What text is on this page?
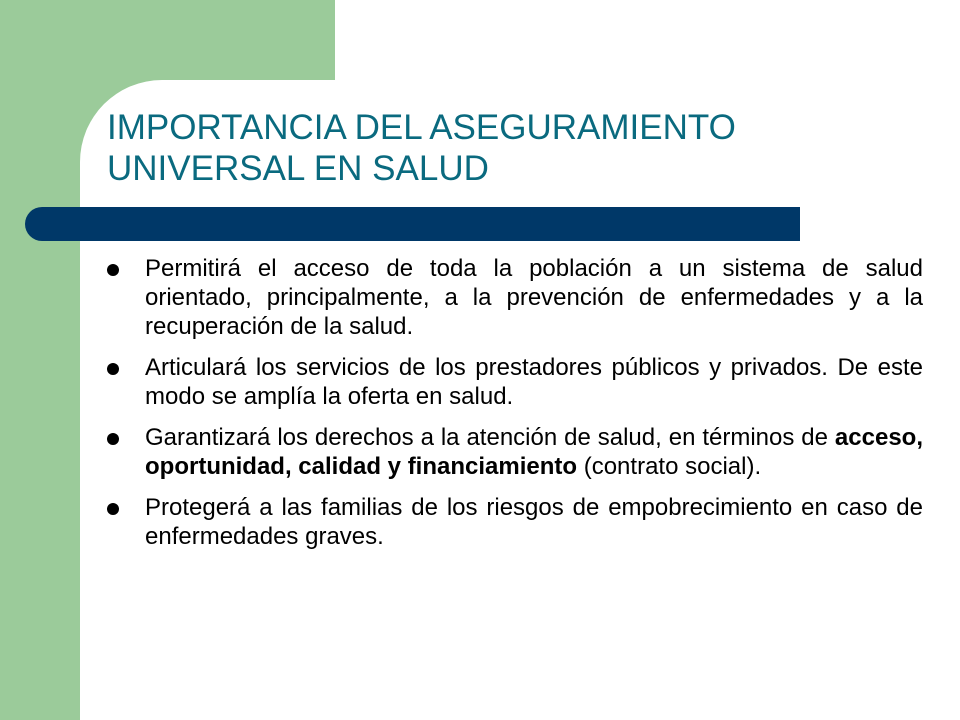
IMPORTANCIA DEL ASEGURAMIENTO
UNIVERSAL EN SALUD
Permitirá el acceso de toda la población a un sistema de salud orientado, principalmente, a la prevención de enfermedades y a la recuperación de la salud.
Articulará los servicios de los prestadores públicos y privados. De este modo se amplía la oferta en salud.
Garantizará los derechos a la atención de salud, en términos de acceso, oportunidad, calidad y financiamiento (contrato social).
Protegerá a las familias de los riesgos de empobrecimiento en caso de enfermedades graves.
